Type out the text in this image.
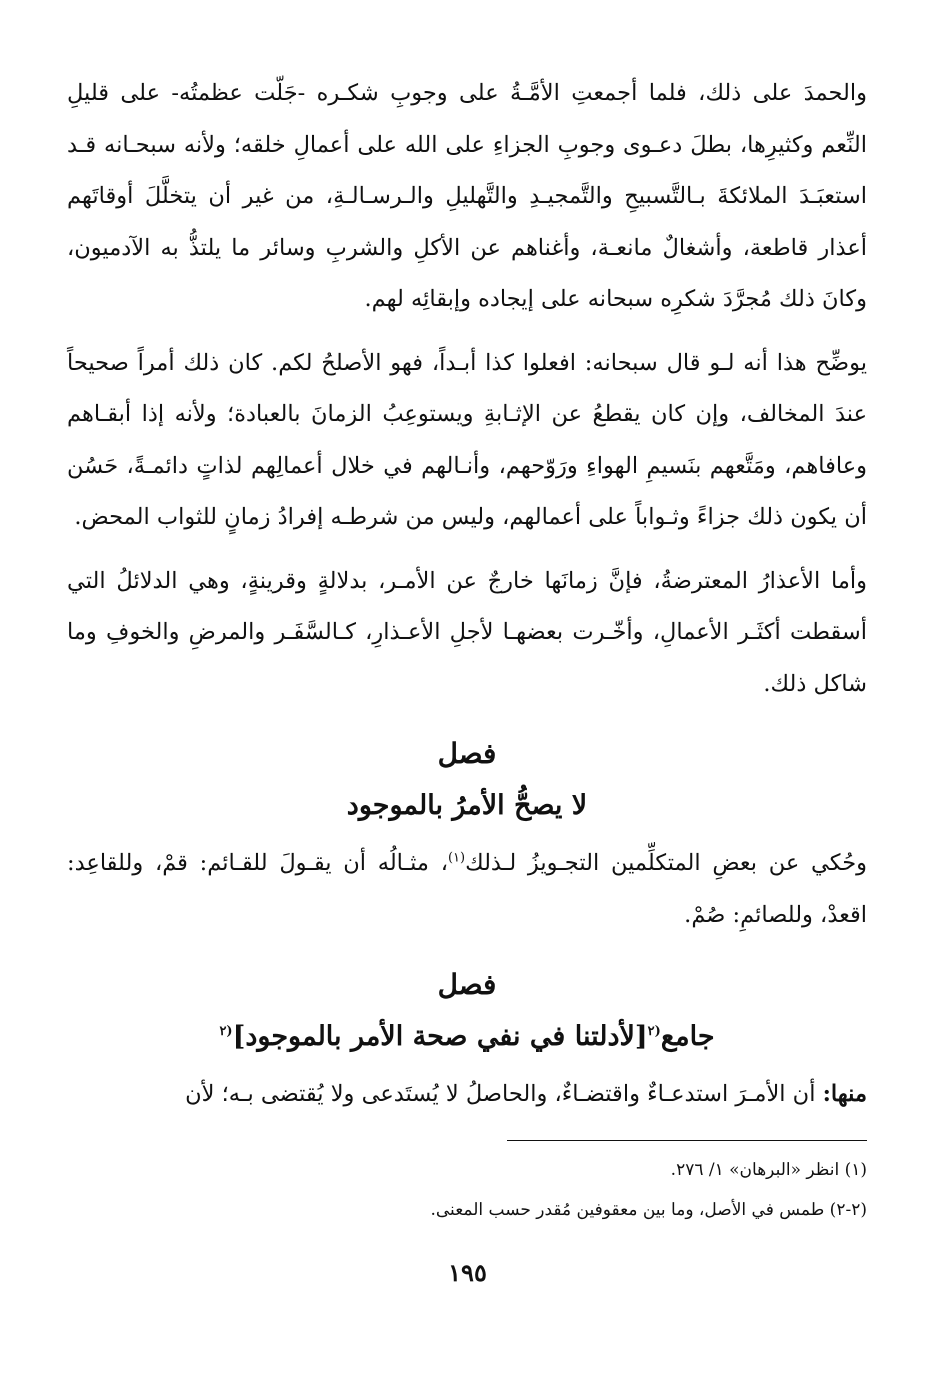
والحمدَ على ذلك، فلما أجمعتِ الأمَّـةُ على وجوبِ شكـره -جَلّت عظمتُه- على قليلِ النِّعم وكثيرِها، بطلَ دعـوى وجوبِ الجزاءِ على الله على أعمالِ خلقه؛ ولأنه سبحـانه قـد استعبَـدَ الملائكةَ بـالتَّسبيحِ والتَّمجيـدِ والتَّهليلِ والـرسـالـةِ، من غير أن يتخلَّلَ أوقاتَهم أعذار قاطعة، وأشغالٌ مانعـة، وأغناهم عن الأكلِ والشربِ وسائر ما يلتذُّ به الآدميون، وكانَ ذلك مُجرَّدَ شكرِه سبحانه على إيجاده وإبقائِه لهم.

يوضِّح هذا أنه لـو قال سبحانه: افعلوا كذا أبـداً، فهو الأصلحُ لكم. كان ذلك أمراً صحيحاً عندَ المخالف، وإن كان يقطعُ عن الإثـابةِ ويستوعِبُ الزمانَ بالعبادة؛ ولأنه إذا أبقـاهم وعافاهم، ومَتَّعهم بنَسيمِ الهواءِ ورَوّحهم، وأنـالهم في خلال أعمالِهم لذاتٍ دائمـةً، حَسُن أن يكون ذلك جزاءً وثـواباً على أعمالهم، وليس من شرطـه إفرادُ زمانٍ للثواب المحض.

وأما الأعذارُ المعترضةُ، فإنَّ زمانَها خارجٌ عن الأمـر، بدلالةٍ وقرينةٍ، وهي الدلائلُ التي أسقطت أكثَـر الأعمالِ، وأخّـرت بعضهـا لأجلِ الأعـذارِ، كـالسَّفَـر والمرضِ والخوفِ وما شاكل ذلك.

فصل
لا يصحُّ الأمرُ بالموجود

وحُكي عن بعضِ المتكلِّمين التجـويزُ لـذلك$^{(١)}$، مثـالُه أن يقـولَ للقـائم: قمْ، وللقاعِد: اقعدْ، وللصائمِ: صُمْ.

فصل
جامع$^{(٢}$[لأدلتنا في نفي صحة الأمر بالموجود]$^{(٢}$

منها: أن الأمـرَ استدعـاءٌ واقتضـاءٌ، والحاصلُ لا يُستَدعى ولا يُقتضى بـه؛ لأن

(١) انظر «البرهان» ١/ ٢٧٦.

(٢-٢) طمس في الأصل، وما بين معقوفين مُقدر حسب المعنى.

١٩٥
